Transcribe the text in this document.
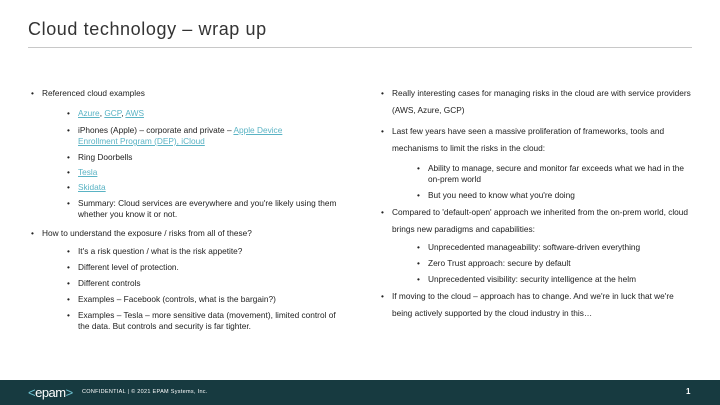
Cloud technology – wrap up
• Referenced cloud examples
• Azure, GCP, AWS
• iPhones (Apple) – corporate and private – Apple Device Enrollment Program (DEP), iCloud
• Ring Doorbells
• Tesla
• Skidata
• Summary: Cloud services are everywhere and you're likely using them whether you know it or not.
• How to understand the exposure / risks from all of these?
• It's a risk question / what is the risk appetite?
• Different level of protection.
• Different controls
• Examples – Facebook (controls, what is the bargain?)
• Examples – Tesla – more sensitive data (movement), limited control of the data. But controls and security is far tighter.
• Really interesting cases for managing risks in the cloud are with service providers (AWS, Azure, GCP)
• Last few years have seen a massive proliferation of frameworks, tools and mechanisms to limit the risks in the cloud:
• Ability to manage, secure and monitor far exceeds what we had in the on-prem world
• But you need to know what you're doing
• Compared to 'default-open' approach we inherited from the on-prem world, cloud brings new paradigms and capabilities:
• Unprecedented manageability: software-driven everything
• Zero Trust approach: secure by default
• Unprecedented visibility: security intelligence at the helm
• If moving to the cloud – approach has to change. And we're in luck that we're being actively supported by the cloud industry in this…
<epam> CONFIDENTIAL | © 2021 EPAM Systems, Inc.	1
